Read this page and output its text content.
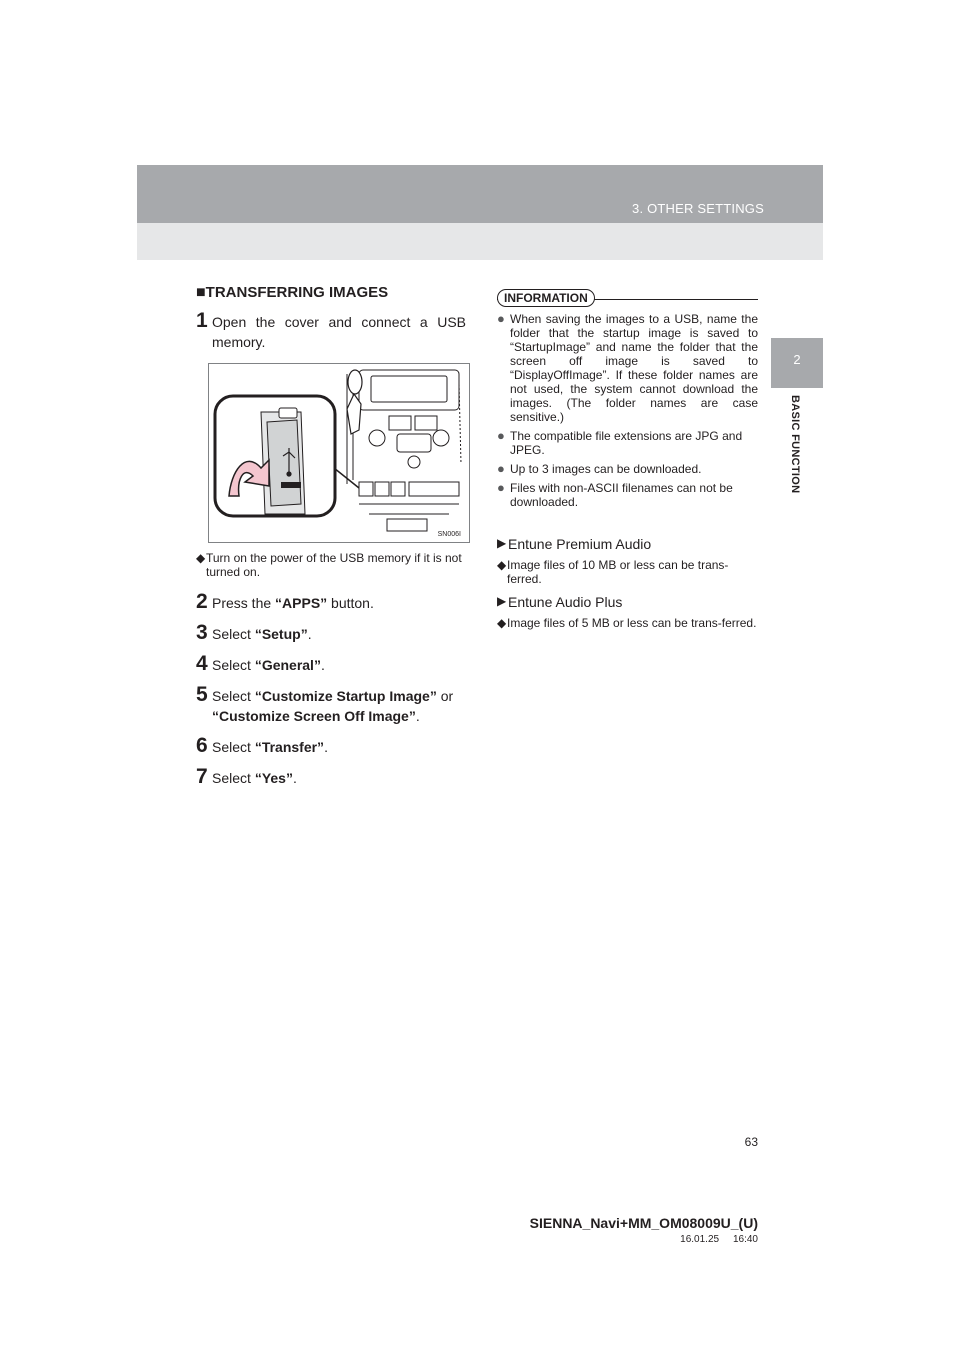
3. OTHER SETTINGS
2
BASIC FUNCTION
■TRANSFERRING IMAGES
1 Open the cover and connect a USB memory.
SN006I
◆ Turn on the power of the USB memory if it is not turned on.
2 Press the “APPS” button.
3 Select “Setup”.
4 Select “General”.
5 Select “Customize Startup Image” or “Customize Screen Off Image”.
6 Select “Transfer”.
7 Select “Yes”.
INFORMATION
● When saving the images to a USB, name the folder that the startup image is saved to “StartupImage” and name the folder that the screen off image is saved to “DisplayOffImage”. If these folder names are not used, the system cannot download the images. (The folder names are case sensitive.)
● The compatible file extensions are JPG and JPEG.
● Up to 3 images can be downloaded.
● Files with non-ASCII filenames can not be downloaded.
▶ Entune Premium Audio
◆ Image files of 10 MB or less can be trans-ferred.
▶ Entune Audio Plus
◆ Image files of 5 MB or less can be trans-ferred.
63
SIENNA_Navi+MM_OM08009U_(U)
16.01.25     16:40
